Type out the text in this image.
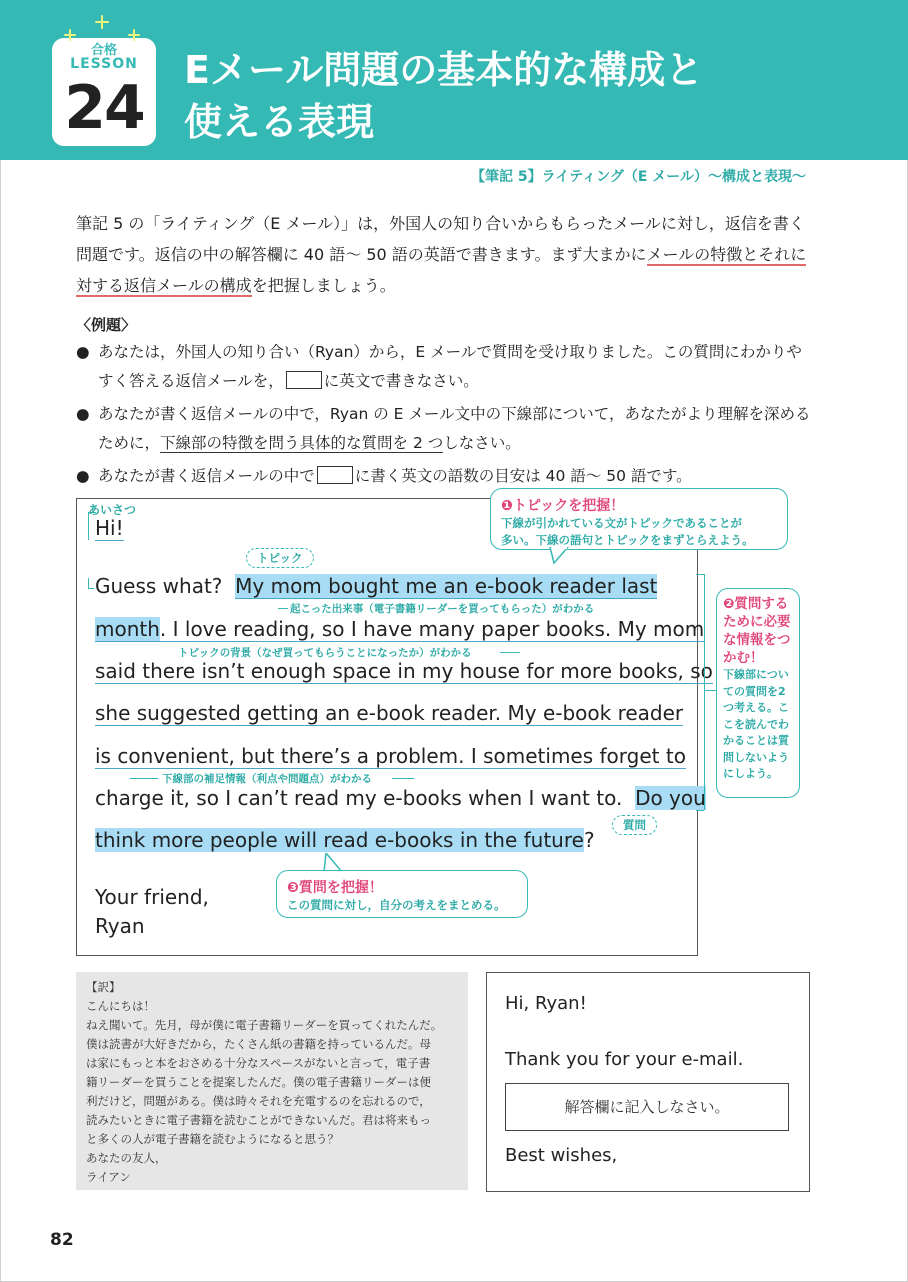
合格
LESSON
24
Eメール問題の基本的な構成と
使える表現
【筆記 5】ライティング（E メール）～構成と表現～
筆記 5 の「ライティング（E メール）」は，外国人の知り合いからもらったメールに対し，返信を書く問題です。返信の中の解答欄に 40 語～ 50 語の英語で書きます。まず大まかにメールの特徴とそれに対する返信メールの構成を把握しましょう。
〈例題〉
● あなたは，外国人の知り合い（Ryan）から，E メールで質問を受け取りました。この質問にわかりやすく答える返信メールを，	に英文で書きなさい。
● あなたが書く返信メールの中で，Ryan の E メール文中の下線部について，あなたがより理解を深めるために，下線部の特徴を問う具体的な質問を 2 つしなさい。
● あなたが書く返信メールの中で	に書く英文の語数の目安は 40 語～ 50 語です。
あいさつ
Hi!
トピック
Guess what? My mom bought me an e-book reader last
起こった出来事（電子書籍リーダーを買ってもらった）がわかる
month. I love reading, so I have many paper books. My mom
トピックの背景（なぜ買ってもらうことになったか）がわかる
said there isn’t enough space in my house for more books, so
she suggested getting an e-book reader. My e-book reader
is convenient, but there’s a problem. I sometimes forget to
下線部の補足情報（利点や問題点）がわかる
charge it, so I can’t read my e-books when I want to. Do you
質問
think more people will read e-books in the future?
Your friend,
Ryan
❶トピックを把握！
下線が引かれている文がトピックであることが
多い。下線の語句とトピックをまずとらえよう。
❷質問する
ために必要
な情報をつ
かむ！
下線部につい
ての質問を2
つ考える。こ
こを読んでわ
かることは質
問しないよう
にしよう。
❸質問を把握！
この質問に対し，自分の考えをまとめる。
【訳】
こんにちは！
ねえ聞いて。先月，母が僕に電子書籍リーダーを買ってくれたんだ。
僕は読書が大好きだから，たくさん紙の書籍を持っているんだ。母
は家にもっと本をおさめる十分なスペースがないと言って，電子書
籍リーダーを買うことを提案したんだ。僕の電子書籍リーダーは便
利だけど，問題がある。僕は時々それを充電するのを忘れるので，
読みたいときに電子書籍を読むことができないんだ。君は将来もっ
と多くの人が電子書籍を読むようになると思う？
あなたの友人，
ライアン
Hi, Ryan!
Thank you for your e-mail.
解答欄に記入しなさい。
Best wishes,
82
